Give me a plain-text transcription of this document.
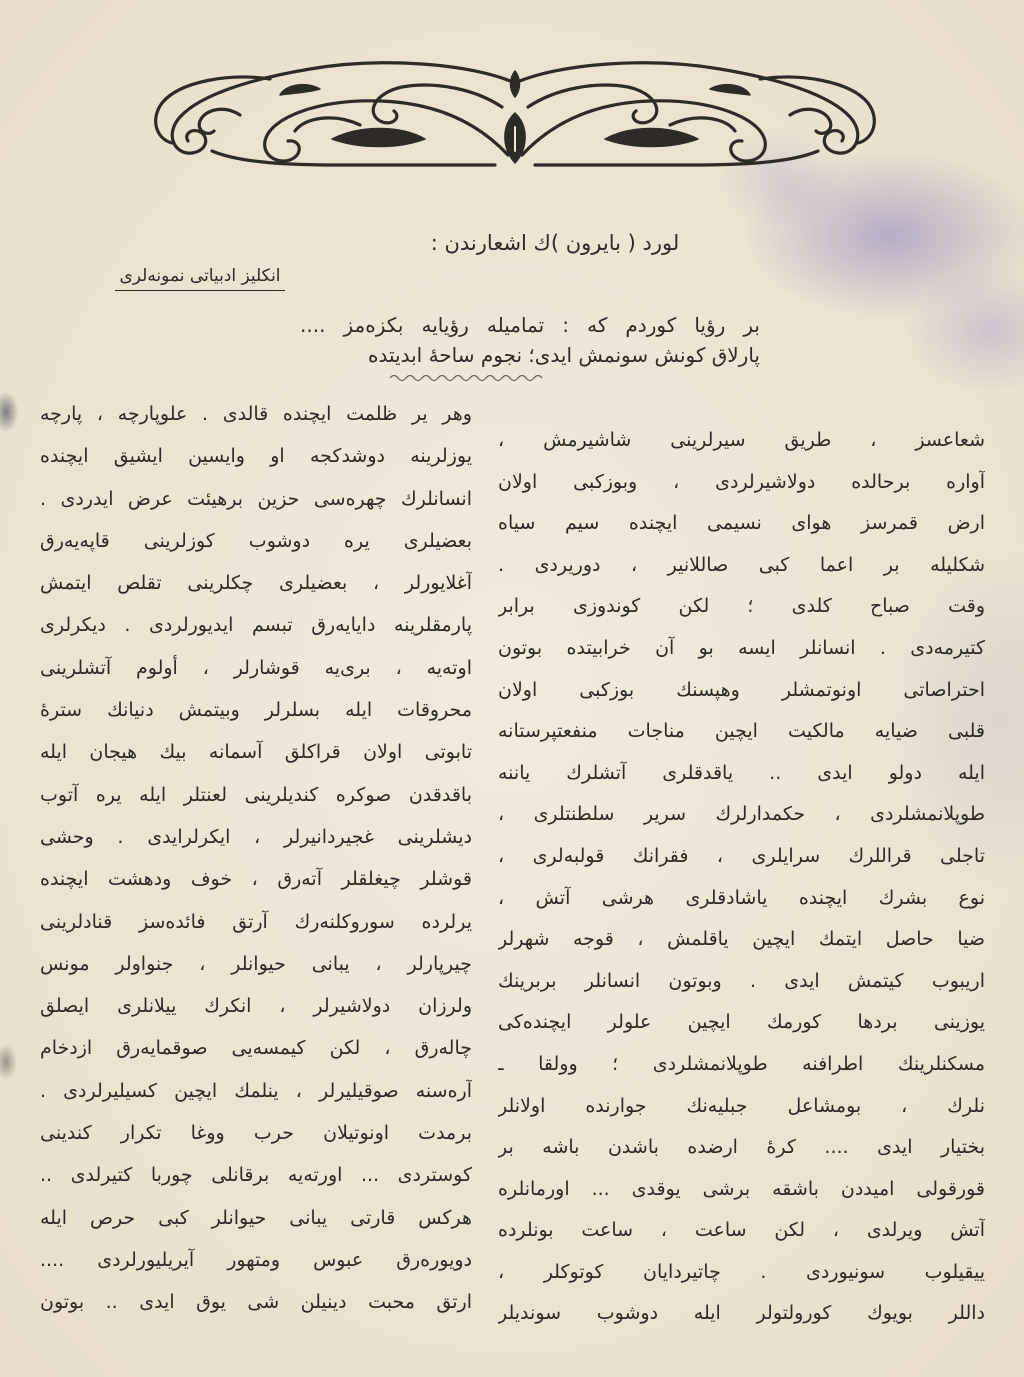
لورد ( بایرون )ك اشعارندن :
انکلیز ادبیاتی نمونه‌لری
بر رؤیا کوردم که : تمامیله رؤیایه بکزه‌مز ....
پارلاق کونش سونمش ایدی؛ نجوم ساحهٔ ابدیتده
شعاعسز ، طریق سیرلرینی شاشیرمش ،
آواره برحالده دولاشیرلردی ، وبوزکبی اولان
ارض قمرسز هوای نسیمی ایچنده سیم سیاه
شکلیله بر اعما کبی صاللانیر ، دوریردی .
وقت صباح کلدی ؛ لکن کوندوزی برابر
کتیرمه‌دی . انسانلر ایسه بو آن خرابیتده بوتون
احتراصاتی اونوتمشلر وهپسنك بوزکبی اولان
قلبی ضیایه مالکیت ایچین مناجات منفعتپرستانه
ایله دولو ایدی .. یاقدقلری آتشلرك یاننه
طوپلانمشلردی ، حکمدارلرك سریر سلطنتلری ،
تاجلی قراللرك سرایلری ، فقرانك قولبه‌لری ،
نوع بشرك ایچنده یاشادقلری هرشی آتش ،
ضیا حاصل ایتمك ایچین یاقلمش ، قوجه شهرلر
اریبوب کیتمش ایدی . وبوتون انسانلر بربرینك
یوزینی بردها کورمك ایچین علولر ایچنده‌کی
مسکنلرینك اطرافنه طوپلانمشلردی ؛ وولقا ـ
نلرك ، بومشاعل جبلیه‌نك جوارنده اولانلر
بختیار ایدی .... کرهٔ ارضده باشدن باشه بر
قورقولی امیددن باشقه برشی یوقدی ... اورمانلره
آتش ویرلدی ، لکن ساعت ، ساعت بونلرده
ییقیلوب سونیوردی . چاتیردایان کوتوکلر ،
داللر بویوك کورولتولر ایله دوشوب سوندیلر
وهر یر ظلمت ایچنده قالدی . علوپارچه ، پارچه
یوزلرینه دوشدکجه او وایسین ایشیق ایچنده
انسانلرك چهره‌سی حزین برهیئت عرض ایدردی .
بعضیلری یره دوشوب کوزلرینی قاپه‌یه‌رق
آغلایورلر ، بعضیلری چکلرینی تقلص ایتمش
پارمقلرینه دایایه‌رق تبسم ایدیورلردی . دیکرلری
اوته‌یه ، بری‌یه قوشارلر ، أولوم آتشلرینی
محروقات ایله بسلرلر وبیتمش دنیانك سترهٔ
تابوتی اولان قراکلق آسمانه بیك هیجان ایله
باقدقدن صوکره کندیلرینی لعنتلر ایله یره آتوب
دیشلرینی غجیردانیرلر ، ایکرلرایدی . وحشی
قوشلر چیغلقلر آته‌رق ، خوف ودهشت ایچنده
یرلرده سوروکلنه‌رك آرتق فائده‌سز قنادلرینی
چیرپارلر ، یبانی حیوانلر ، جنواولر مونس
ولرزان دولاشیرلر ، انکرك ییلانلری ایصلق
چاله‌رق ، لکن کیمسه‌یی صوقمایه‌رق ازدخام
آره‌سنه صوقیلیرلر ، ینلمك ایچین کسیلیرلردی .
برمدت اونوتیلان حرب ووغا تکرار کندینی
کوستردی ... اورته‌یه برقانلی چوربا کتیرلدی ..
هرکس قارتی یبانی حیوانلر کبی حرص ایله
دویوره‌رق عبوس ومتهور آیریلیورلردی ....
ارتق محبت دینیلن شی یوق ایدی .. بوتون
